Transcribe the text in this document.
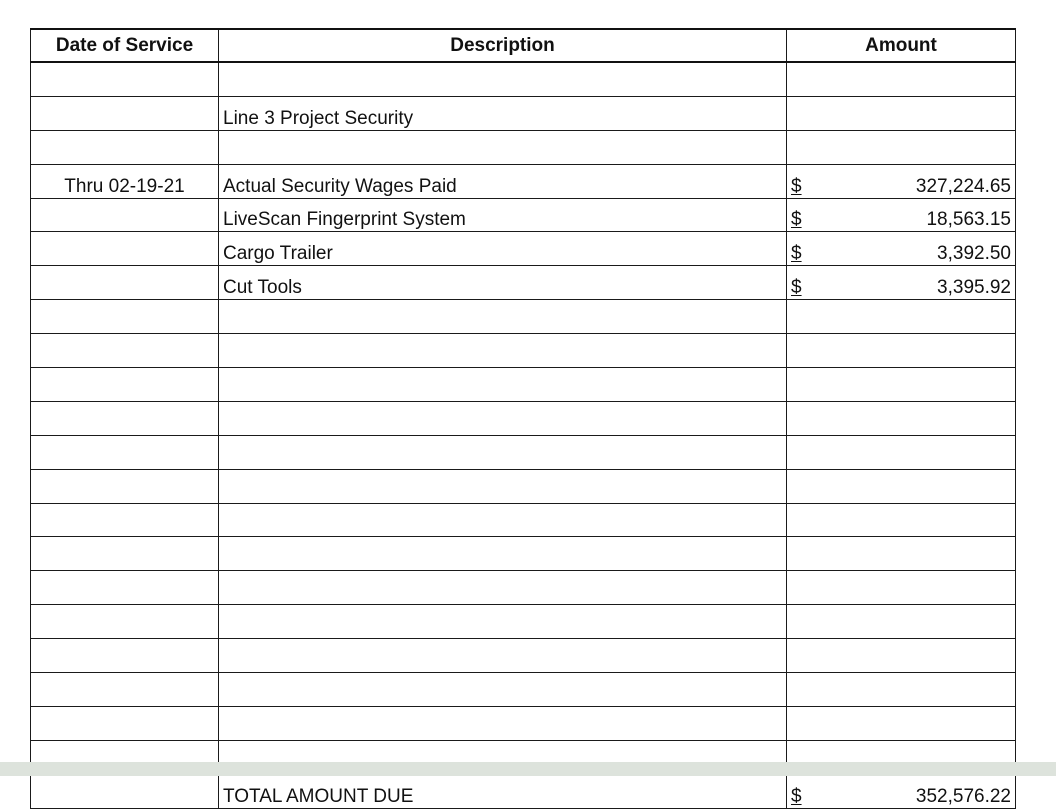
Date of Service	Description	Amount

	Line 3 Project Security	

Thru 02-19-21	Actual Security Wages Paid	$ 327,224.65

	LiveScan Fingerprint System	$ 18,563.15

	Cargo Trailer	$ 3,392.50

	Cut Tools	$ 3,395.92

	TOTAL AMOUNT DUE	$ 352,576.22
